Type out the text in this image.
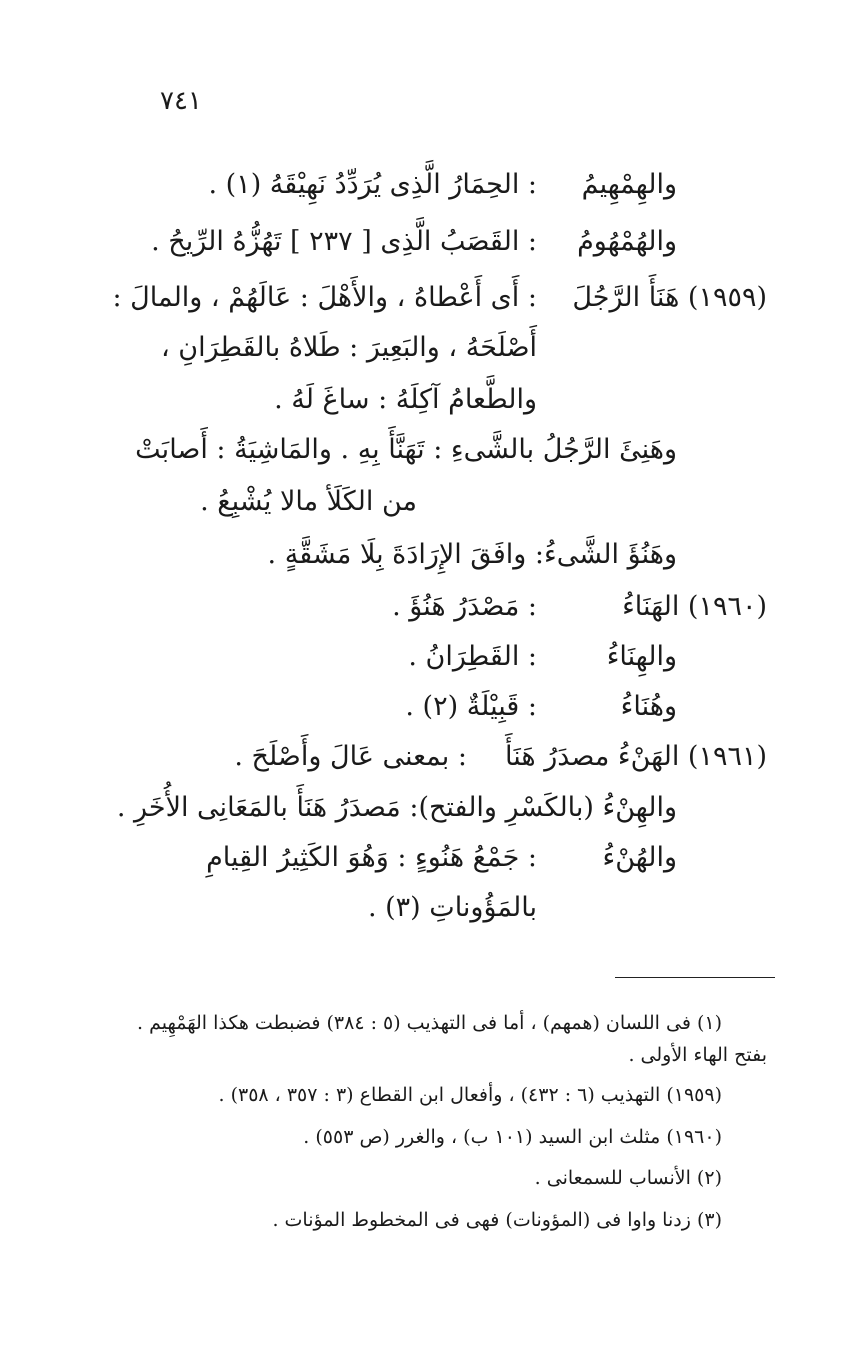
٧٤١
والهِمْهِيمُ
: الحِمَارُ الَّذِى يُرَدِّدُ نَهِيْقَهُ (١) .
والهُمْهُومُ
: القَصَبُ الَّذِى [ ٢٣٧ ] تَهُزُّهُ الرِّيحُ .
(١٩٥٩) هَنَأَ الرَّجُلَ
: أَى أَعْطاهُ ، والأَهْلَ : عَالَهُمْ ، والمالَ :
أَصْلَحَهُ ، والبَعِيرَ : طَلاهُ بالقَطِرَانِ ،
والطَّعامُ آكِلَهُ : ساغَ لَهُ .
وهَنِئَ الرَّجُلُ بالشَّىءِ : تَهَنَّأَ بِهِ . والمَاشِيَةُ : أَصابَتْ
من الكَلَأ مالا يُشْبِعُ .
وهَنُؤَ الشَّىءُ: وافَقَ الإِرَادَةَ بِلَا مَشَقَّةٍ .
(١٩٦٠) الهَنَاءُ
: مَصْدَرُ هَنُؤَ .
والهِنَاءُ
: القَطِرَانُ .
وهُنَاءُ
: قَبِيْلَةٌ (٢) .
(١٩٦١) الهَنْءُ مصدَرُ هَنَأَ
: بمعنى عَالَ وأَصْلَحَ .
والهِنْءُ (بالكَسْرِ والفتح): مَصدَرُ هَنَأَ بالمَعَانِى الأُخَرِ .
والهُنْءُ
: جَمْعُ هَنُوءٍ : وَهُوَ الكَثِيرُ القِيامِ
بالمَؤُوناتِ (٣) .
(١) فى اللسان (همهم) ، أما فى التهذيب (٥ : ٣٨٤) فضبطت هكذا الهَمْهِيم .
بفتح الهاء الأولى .
(١٩٥٩) التهذيب (٦ : ٤٣٢) ، وأفعال ابن القطاع (٣ : ٣٥٧ ، ٣٥٨) .
(١٩٦٠) مثلث ابن السيد (١٠١ ب) ، والغرر (ص ٥٥٣) .
(٢) الأنساب للسمعانى .
(٣) زدنا واوا فى (المؤونات) فهى فى المخطوط المؤنات .
